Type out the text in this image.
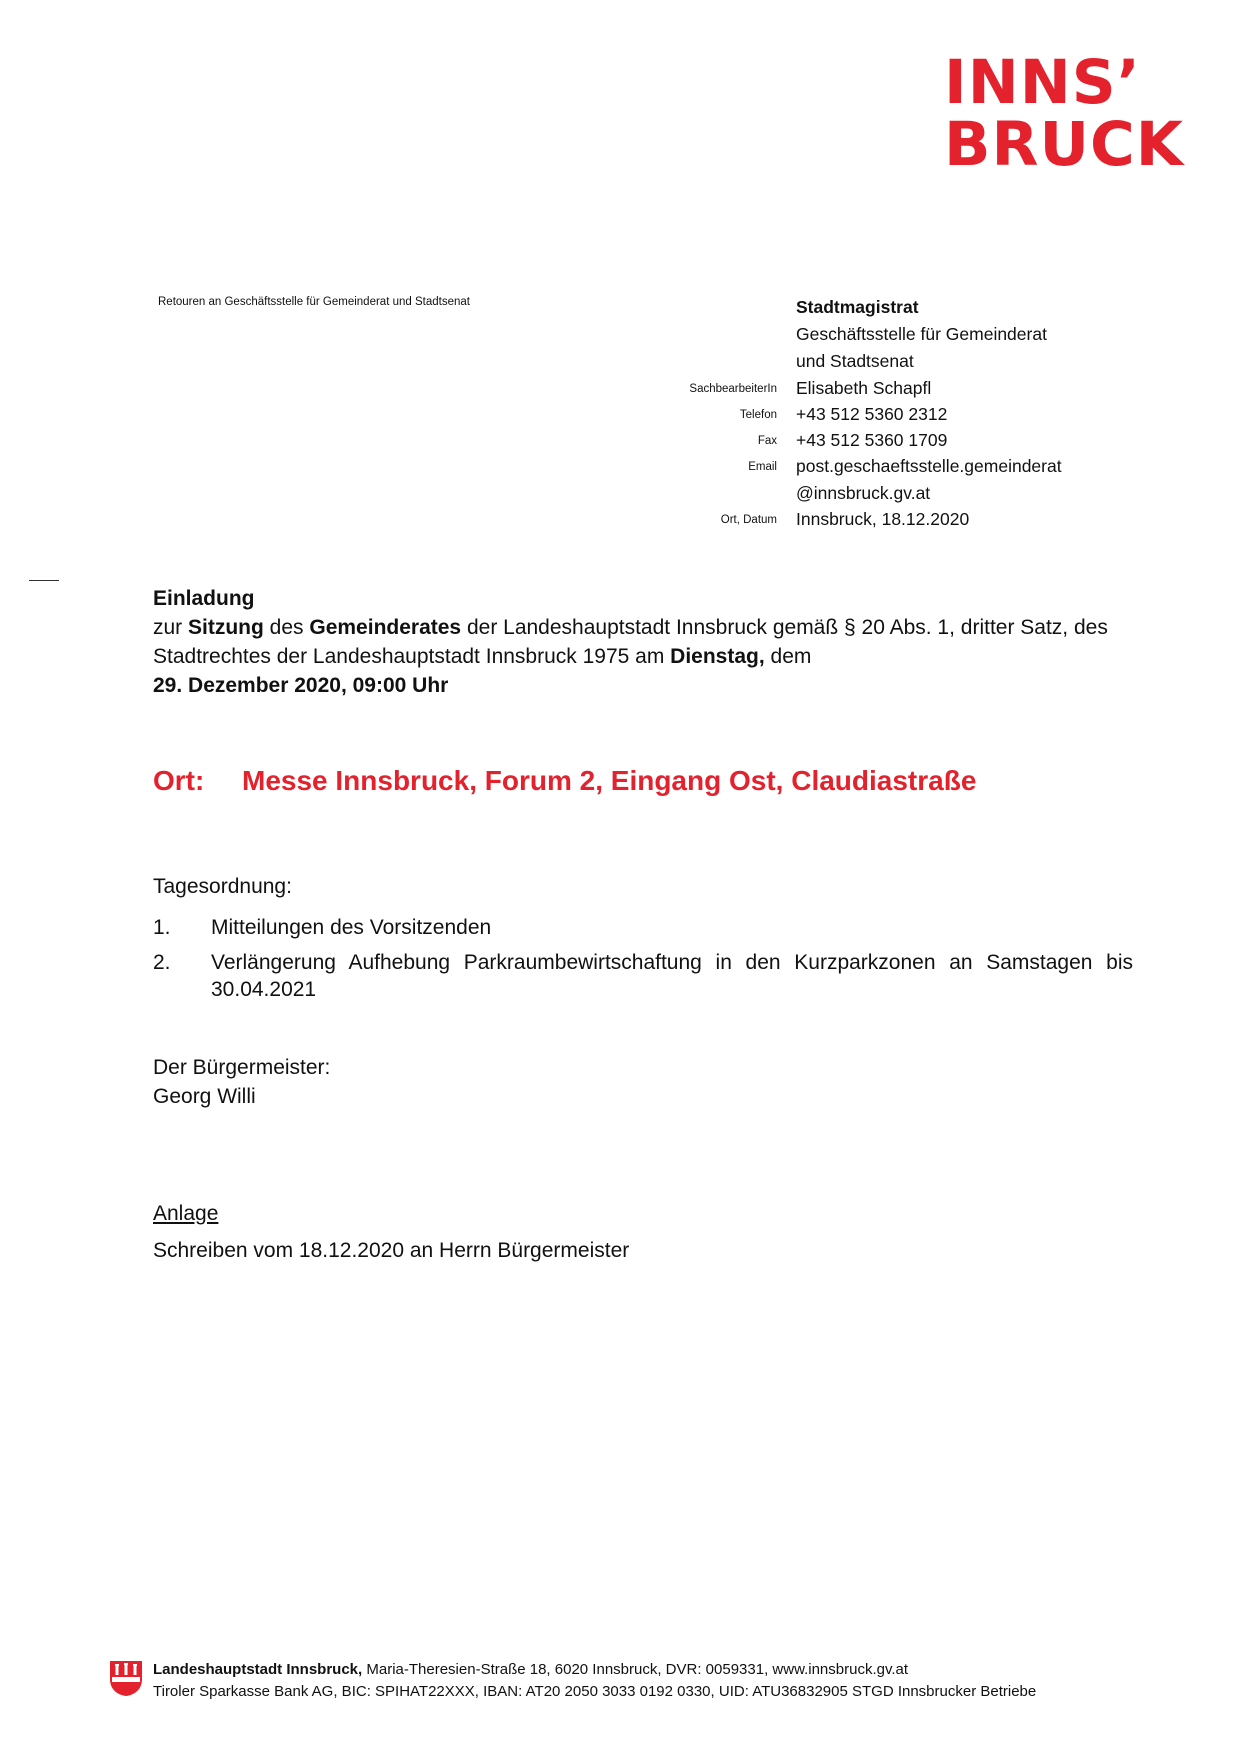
INNS’
BRUCK
Retouren an Geschäftsstelle für Gemeinderat und Stadtsenat	Stadtmagistrat
Geschäftsstelle für Gemeinderat
und Stadtsenat
SachbearbeiterIn Elisabeth Schapfl
Telefon +43 512 5360 2312
Fax +43 512 5360 1709
Email post.geschaeftsstelle.gemeinderat
@innsbruck.gv.at
Ort, Datum Innsbruck, 18.12.2020
Einladung
zur Sitzung des Gemeinderates der Landeshauptstadt Innsbruck gemäß § 20 Abs. 1, dritter Satz, des Stadtrechtes der Landeshauptstadt Innsbruck 1975 am Dienstag, dem
29. Dezember 2020, 09:00 Uhr
Ort: Messe Innsbruck, Forum 2, Eingang Ost, Claudiastraße
Tagesordnung:
1. Mitteilungen des Vorsitzenden
2. Verlängerung Aufhebung Parkraumbewirtschaftung in den Kurzparkzonen an Samstagen bis 30.04.2021
Der Bürgermeister:
Georg Willi
Anlage
Schreiben vom 18.12.2020 an Herrn Bürgermeister
Landeshauptstadt Innsbruck, Maria-Theresien-Straße 18, 6020 Innsbruck, DVR: 0059331, www.innsbruck.gv.at
Tiroler Sparkasse Bank AG, BIC: SPIHAT22XXX, IBAN: AT20 2050 3033 0192 0330, UID: ATU36832905 STGD Innsbrucker Betriebe
